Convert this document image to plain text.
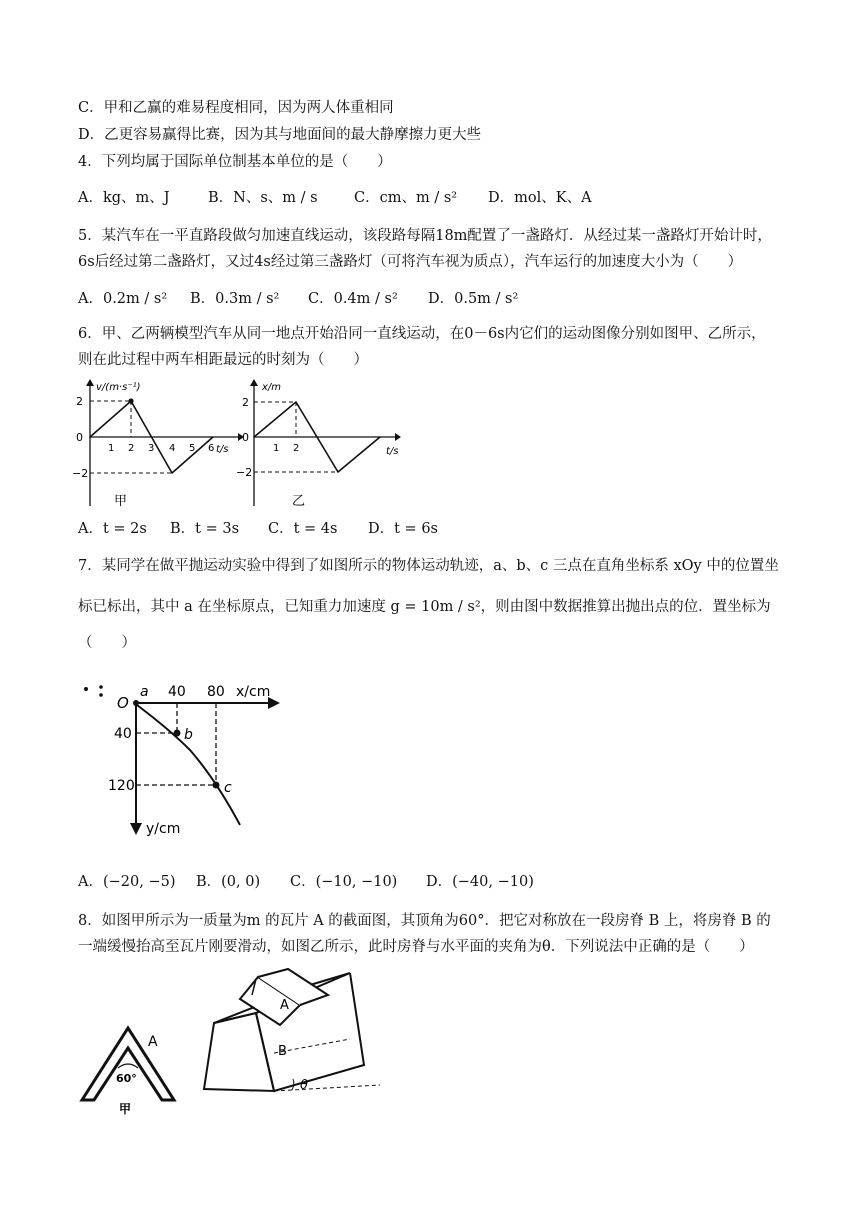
C．甲和乙赢的难易程度相同，因为两人体重相同
D．乙更容易赢得比赛，因为其与地面间的最大静摩擦力更大些
4．下列均属于国际单位制基本单位的是（　　）
A．kg、m、J	B．N、s、m / s	C．cm、m / s² D．mol、K、A
5．某汽车在一平直路段做匀加速直线运动，该段路每隔18m配置了一盏路灯．从经过某一盏路灯开始计时，
6s后经过第二盏路灯，又过4s经过第三盏路灯（可将汽车视为质点），汽车运行的加速度大小为（　　）
A．0.2m / s² B．0.3m / s² C．0.4m / s² D．0.5m / s²
6．甲、乙两辆模型汽车从同一地点开始沿同一直线运动，在0－6s内它们的运动图像分别如图甲、乙所示，
则在此过程中两车相距最远的时刻为（　　）
v/(m·s⁻¹)
2
0
−2
1 2 3 4 5 6 t/s
甲
x/m
2
0
−2
1 2	t/s
乙
A．t = 2s B．t = 3s C．t = 4s D．t = 6s
7．某同学在做平抛运动实验中得到了如图所示的物体运动轨迹，a、b、c 三点在直角坐标系 xOy 中的位置坐
标已标出，其中 a 在坐标原点，已知重力加速度 g = 10m / s²，则由图中数据推算出抛出点的位．置坐标为
（　　）
O
a 40 80 x/cm
40	b
120	c
y/cm
A．(−20, −5) B．(0, 0) C．(−10, −10) D．(−40, −10)
8．如图甲所示为一质量为m 的瓦片 A 的截面图，其顶角为60°．把它对称放在一段房脊 B 上，将房脊 B 的
一端缓慢抬高至瓦片刚要滑动，如图乙所示，此时房脊与水平面的夹角为θ．下列说法中正确的是（　　）
A
60°
甲
A
B
θ
